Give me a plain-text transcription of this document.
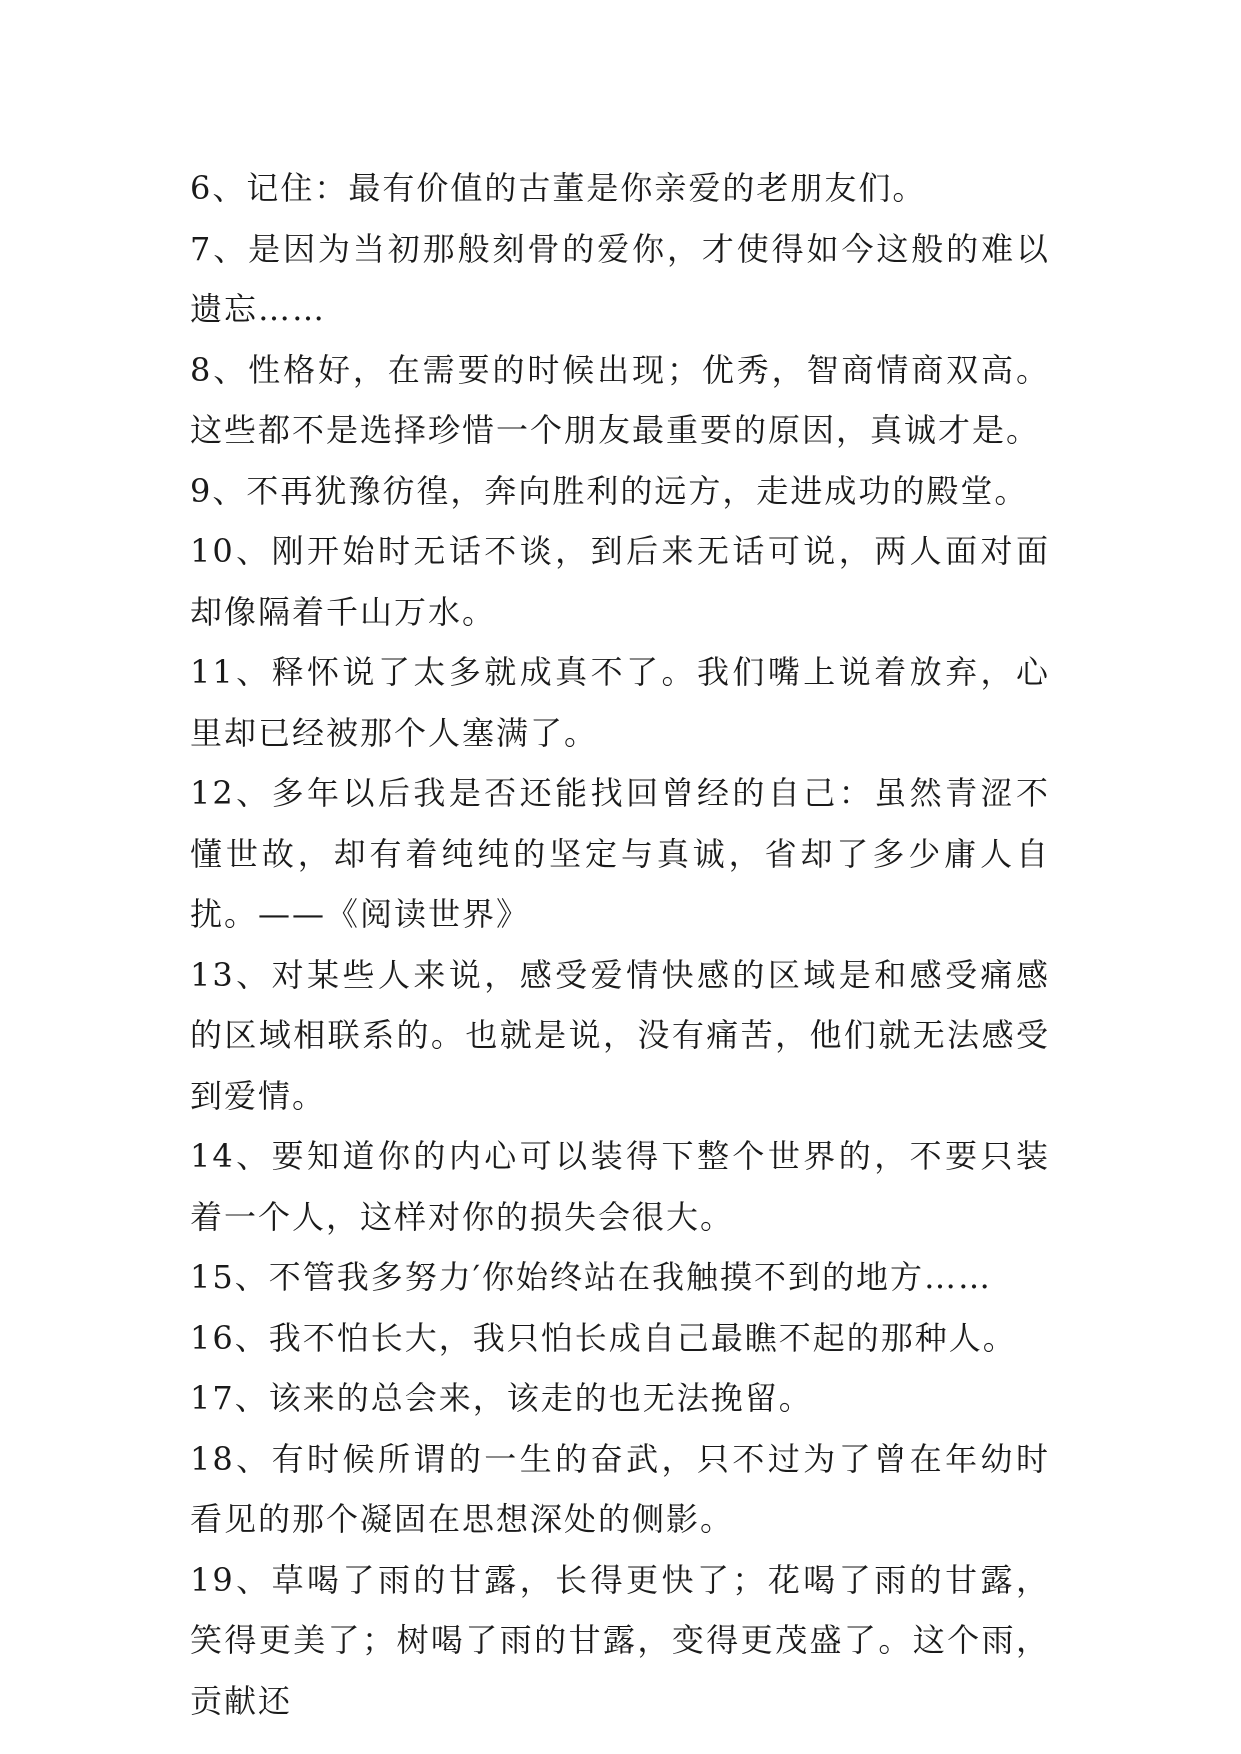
6、记住：最有价值的古董是你亲爱的老朋友们。

7、是因为当初那般刻骨的爱你，才使得如今这般的难以遗忘……

8、性格好，在需要的时候出现；优秀，智商情商双高。这些都不是选择珍惜一个朋友最重要的原因，真诚才是。

9、不再犹豫彷徨，奔向胜利的远方，走进成功的殿堂。

10、刚开始时无话不谈，到后来无话可说，两人面对面却像隔着千山万水。

11、释怀说了太多就成真不了。我们嘴上说着放弃，心里却已经被那个人塞满了。

12、多年以后我是否还能找回曾经的自己：虽然青涩不懂世故，却有着纯纯的坚定与真诚，省却了多少庸人自扰。——《阅读世界》

13、对某些人来说，感受爱情快感的区域是和感受痛感的区域相联系的。也就是说，没有痛苦，他们就无法感受到爱情。

14、要知道你的内心可以装得下整个世界的，不要只装着一个人，这样对你的损失会很大。

15、不管我多努力′你始终站在我触摸不到的地方……

16、我不怕长大，我只怕长成自己最瞧不起的那种人。

17、该来的总会来，该走的也无法挽留。

18、有时候所谓的一生的奋武，只不过为了曾在年幼时看见的那个凝固在思想深处的侧影。

19、草喝了雨的甘露，长得更快了；花喝了雨的甘露，笑得更美了；树喝了雨的甘露，变得更茂盛了。这个雨，贡献还
